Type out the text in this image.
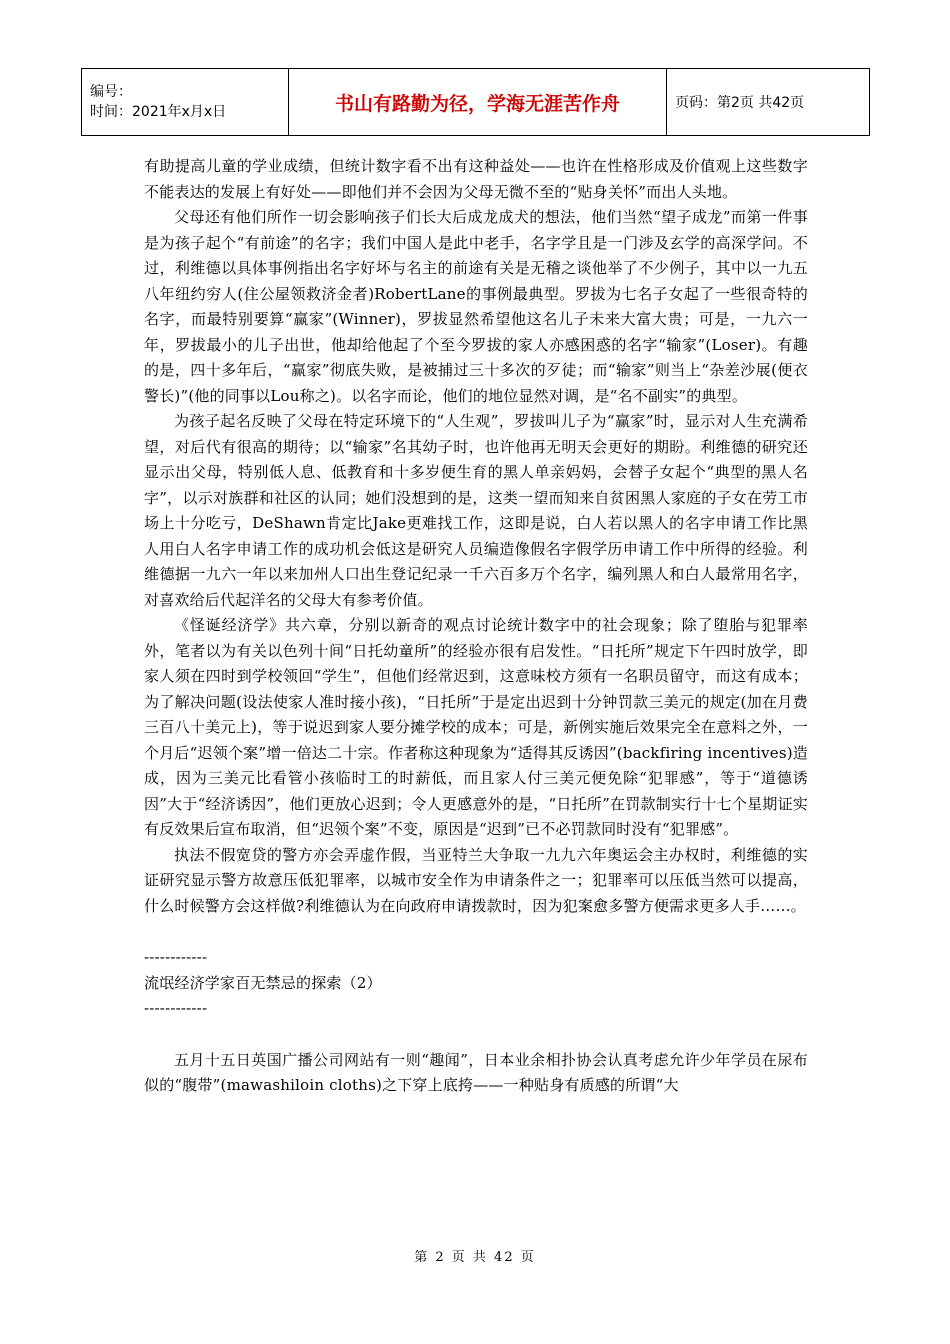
编号：
时间：2021年x月x日	书山有路勤为径，学海无涯苦作舟	页码：第2页 共42页

有助提高儿童的学业成绩，但统计数字看不出有这种益处——也许在性格形成及价值观上这些数字不能表达的发展上有好处——即他们并不会因为父母无微不至的“贴身关怀”而出人头地。

父母还有他们所作一切会影响孩子们长大后成龙成犬的想法，他们当然“望子成龙”而第一件事是为孩子起个“有前途”的名字；我们中国人是此中老手，名字学且是一门涉及玄学的高深学问。不过，利维德以具体事例指出名字好坏与名主的前途有关是无稽之谈他举了不少例子，其中以一九五八年纽约穷人(住公屋领救济金者)RobertLane的事例最典型。罗拔为七名子女起了一些很奇特的名字，而最特别要算“赢家”(Winner)，罗拔显然希望他这名儿子未来大富大贵；可是，一九六一年，罗拔最小的儿子出世，他却给他起了个至今罗拔的家人亦感困惑的名字“输家”(Loser)。有趣的是，四十多年后，“赢家”彻底失败，是被捕过三十多次的歹徒；而“输家”则当上“杂差沙展(便衣警长)”(他的同事以Lou称之)。以名字而论，他们的地位显然对调，是“名不副实”的典型。

为孩子起名反映了父母在特定环境下的“人生观”，罗拔叫儿子为“赢家”时，显示对人生充满希望，对后代有很高的期待；以“输家”名其幼子时，也许他再无明天会更好的期盼。利维德的研究还显示出父母，特别低人息、低教育和十多岁便生育的黑人单亲妈妈，会替子女起个“典型的黑人名字”，以示对族群和社区的认同；她们没想到的是，这类一望而知来自贫困黑人家庭的子女在劳工市场上十分吃亏，DeShawn肯定比Jake更难找工作，这即是说，白人若以黑人的名字申请工作比黑人用白人名字申请工作的成功机会低这是研究人员编造像假名字假学历申请工作中所得的经验。利维德据一九六一年以来加州人口出生登记纪录一千六百多万个名字，编列黑人和白人最常用名字，对喜欢给后代起洋名的父母大有参考价值。

《怪诞经济学》共六章，分别以新奇的观点讨论统计数字中的社会现象；除了堕胎与犯罪率外，笔者以为有关以色列十间“日托幼童所”的经验亦很有启发性。“日托所”规定下午四时放学，即家人须在四时到学校领回“学生”，但他们经常迟到，这意味校方须有一名职员留守，而这有成本；为了解决问题(设法使家人准时接小孩)，“日托所”于是定出迟到十分钟罚款三美元的规定(加在月费三百八十美元上)，等于说迟到家人要分摊学校的成本；可是，新例实施后效果完全在意料之外，一个月后“迟领个案”增一倍达二十宗。作者称这种现象为“适得其反诱因”(backfiring incentives)造成，因为三美元比看管小孩临时工的时薪低，而且家人付三美元便免除“犯罪感”，等于“道德诱因”大于“经济诱因”，他们更放心迟到；令人更感意外的是，“日托所”在罚款制实行十七个星期证实有反效果后宣布取消，但“迟领个案”不变，原因是“迟到”已不必罚款同时没有“犯罪感”。

执法不假宽贷的警方亦会弄虚作假，当亚特兰大争取一九九六年奥运会主办权时，利维德的实证研究显示警方故意压低犯罪率，以城市安全作为申请条件之一；犯罪率可以压低当然可以提高，什么时候警方会这样做?利维德认为在向政府申请拨款时，因为犯案愈多警方便需求更多人手……。

------------

流氓经济学家百无禁忌的探索（2）

------------

五月十五日英国广播公司网站有一则“趣闻”，日本业余相扑协会认真考虑允许少年学员在尿布似的“腹带”(mawashiloin cloths)之下穿上底挎——一种贴身有质感的所谓“大

第 2 页 共 42 页
